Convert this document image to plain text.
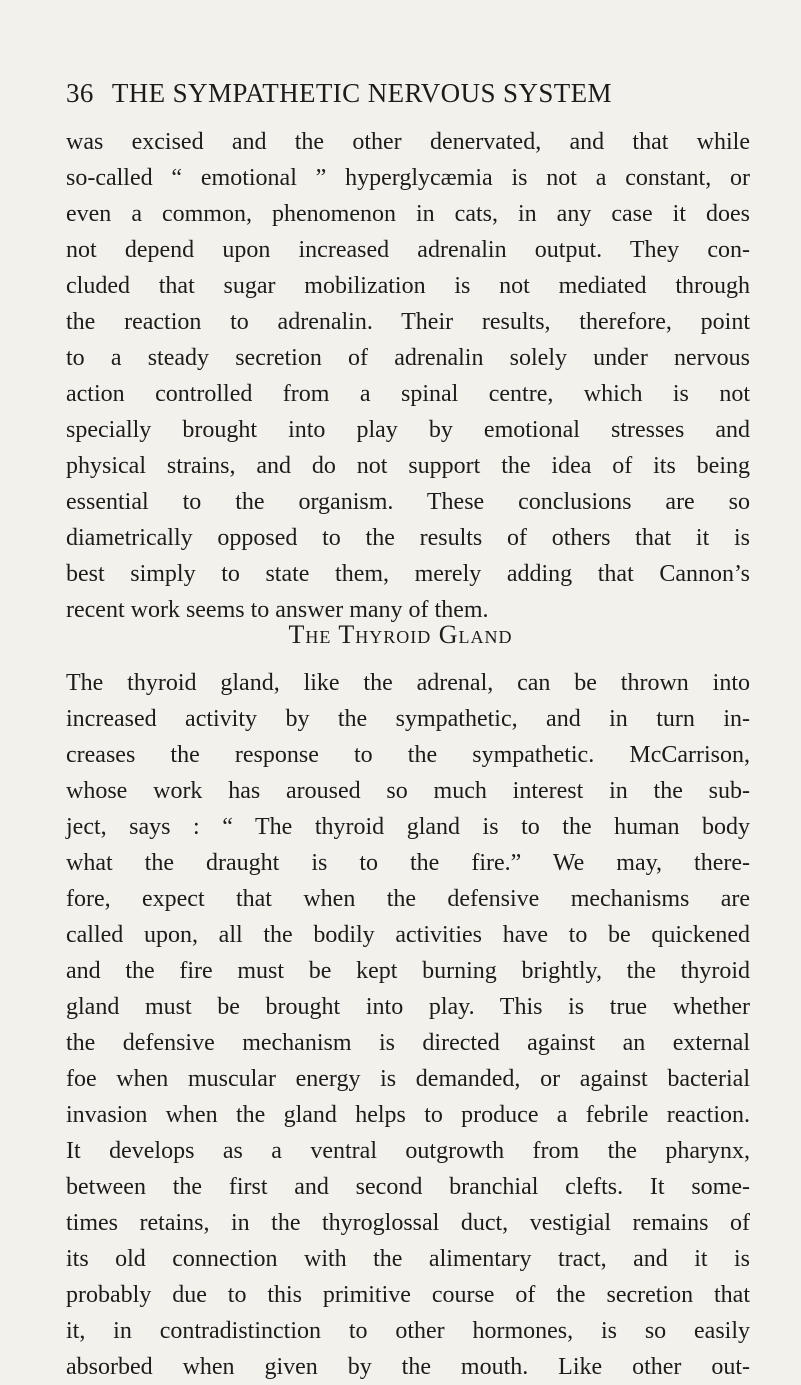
36 THE SYMPATHETIC NERVOUS SYSTEM
was excised and the other denervated, and that while
so-called “ emotional ” hyperglycæmia is not a constant, or
even a common, phenomenon in cats, in any case it does
not depend upon increased adrenalin output. They con-
cluded that sugar mobilization is not mediated through
the reaction to adrenalin. Their results, therefore, point
to a steady secretion of adrenalin solely under nervous
action controlled from a spinal centre, which is not
specially brought into play by emotional stresses and
physical strains, and do not support the idea of its being
essential to the organism. These conclusions are so
diametrically opposed to the results of others that it is
best simply to state them, merely adding that Cannon’s
recent work seems to answer many of them.
The Thyroid Gland
The thyroid gland, like the adrenal, can be thrown into
increased activity by the sympathetic, and in turn in-
creases the response to the sympathetic. McCarrison,
whose work has aroused so much interest in the sub-
ject, says : “ The thyroid gland is to the human body
what the draught is to the fire.” We may, there-
fore, expect that when the defensive mechanisms are
called upon, all the bodily activities have to be quickened
and the fire must be kept burning brightly, the thyroid
gland must be brought into play. This is true whether
the defensive mechanism is directed against an external
foe when muscular energy is demanded, or against bacterial
invasion when the gland helps to produce a febrile reaction.
It develops as a ventral outgrowth from the pharynx,
between the first and second branchial clefts. It some-
times retains, in the thyroglossal duct, vestigial remains of
its old connection with the alimentary tract, and it is
probably due to this primitive course of the secretion that
it, in contradistinction to other hormones, is so easily
absorbed when given by the mouth. Like other out-
